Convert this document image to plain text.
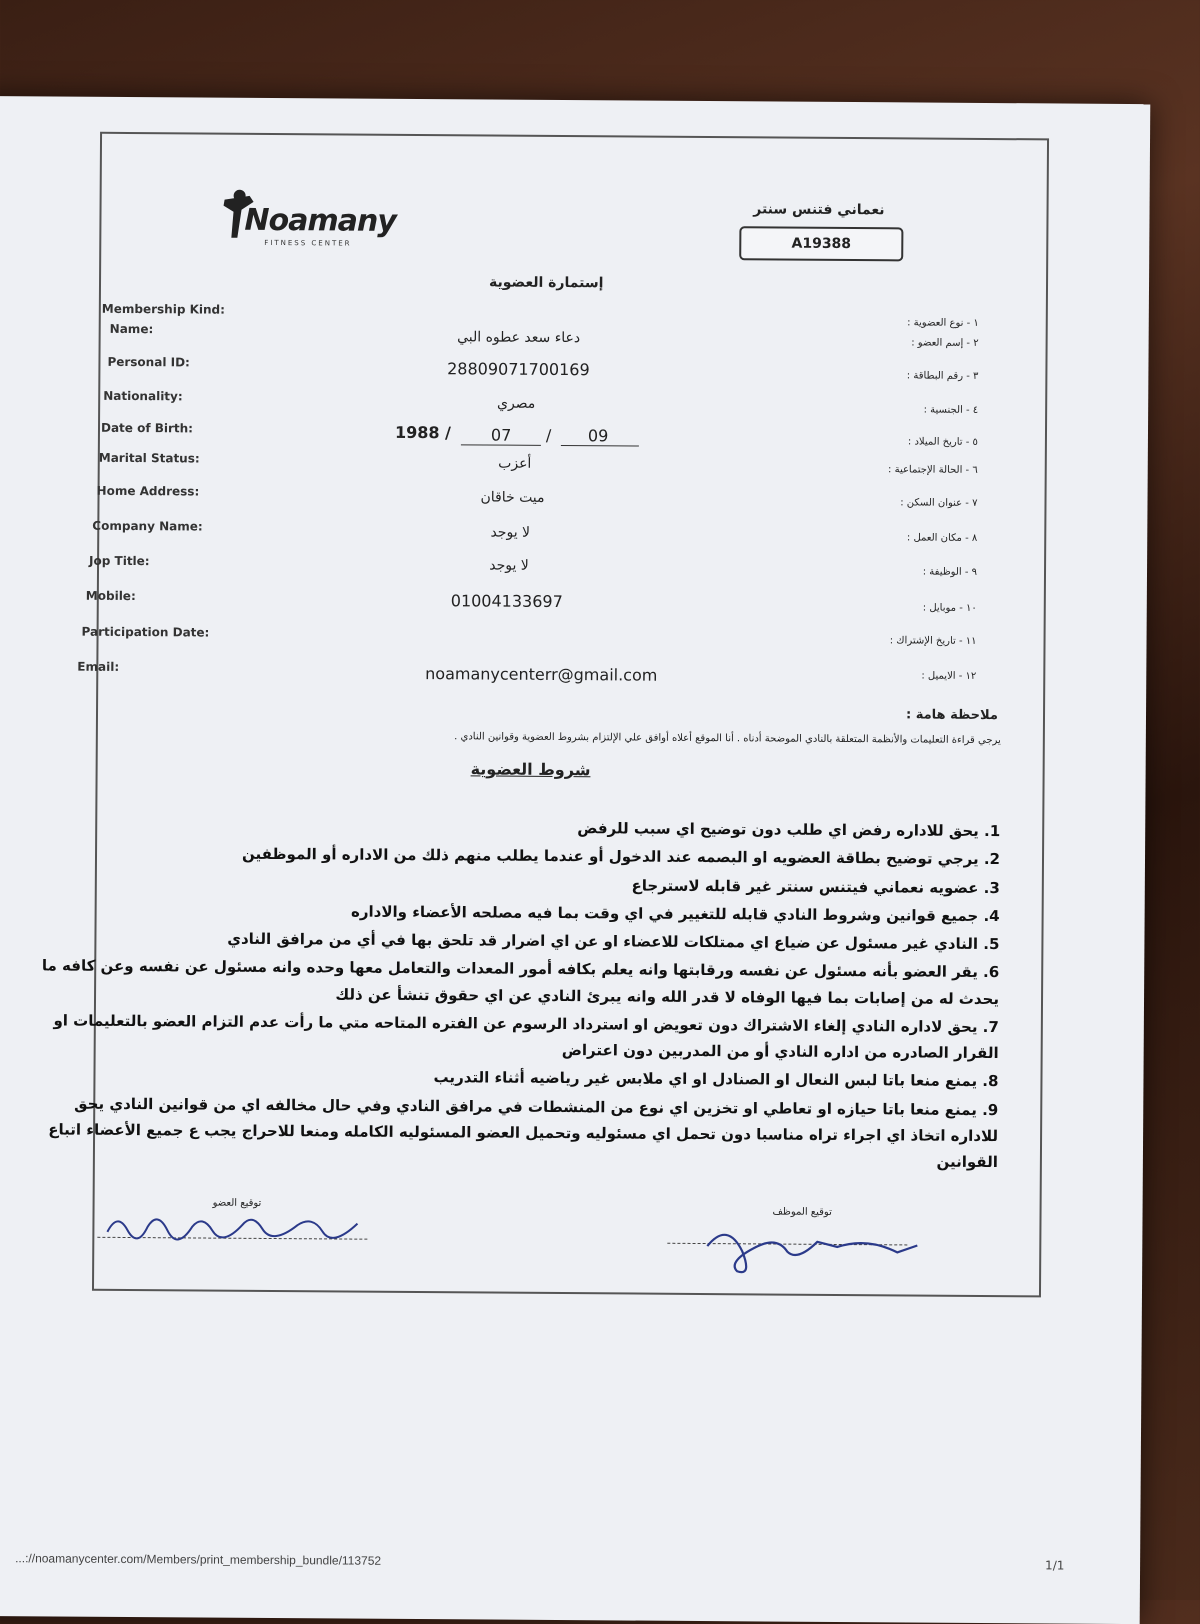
Noamany
FITNESS CENTER
نعماني فتنس سنتر
A19388
إستمارة العضوية
Membership Kind:
Name:
Personal ID:
Nationality:
Date of Birth:
Marital Status:
Home Address:
Company Name:
Jop Title:
Mobile:
Participation Date:
Email:
١ - نوع العضوية :
٢ - إسم العضو :
٣ - رقم البطاقة :
٤ - الجنسية :
٥ - تاريخ الميلاد :
٦ - الحالة الإجتماعية :
٧ - عنوان السكن :
٨ - مكان العمل :
٩ - الوظيفة :
١٠ - موبايل :
١١ - تاريخ الإشتراك :
١٢ - الايميل :
دعاء سعد عطوه البي
28809071700169
مصري
1988 / 07 / 09
أعزب
ميت خاقان
لا يوجد
لا يوجد
01004133697
noamanycenterr@gmail.com
ملاحظة هامة :
يرجي قراءة التعليمات والأنظمة المتعلقة بالنادي الموضحة أدناه . أنا الموقع أعلاه أوافق علي الإلتزام بشروط العضوية وقوانين النادي .
شروط العضوية
1. يحق للاداره رفض اي طلب دون توضيح اي سبب للرفض
2. يرجي توضيح بطاقة العضويه او البصمه عند الدخول أو عندما يطلب منهم ذلك من الاداره أو الموظفين
3. عضويه نعماني فيتنس سنتر غير قابله لاسترجاع
4. جميع قوانين وشروط النادي قابله للتغيير في اي وقت بما فيه مصلحه الأعضاء والاداره
5. النادي غير مسئول عن ضياع اي ممتلكات للاعضاء او عن اي اضرار قد تلحق بها في أي من مرافق النادي
6. يقر العضو بأنه مسئول عن نفسه ورقابتها وانه يعلم بكافه أمور المعدات والتعامل معها وحده وانه مسئول عن نفسه وعن كافه ما يحدث له من إصابات بما فيها الوفاه لا قدر الله وانه يبرئ النادي عن اي حقوق تنشأ عن ذلك
7. يحق لاداره النادي إلغاء الاشتراك دون تعويض او استرداد الرسوم عن الفتره المتاحه متي ما رأت عدم التزام العضو بالتعليمات او القرار الصادره من اداره النادي أو من المدربين دون اعتراض
8. يمنع منعا باتا لبس النعال او الصنادل او اي ملابس غير رياضيه أثناء التدريب
9. يمنع منعا باتا حيازه او تعاطي او تخزين اي نوع من المنشطات في مرافق النادي وفي حال مخالفه اي من قوانين النادي يحق للاداره اتخاذ اي اجراء تراه مناسبا دون تحمل اي مسئوليه وتحميل العضو المسئوليه الكامله ومنعا للاحراج يجب ع جميع الأعضاء اتباع القوانين
توقيع العضو
توقيع الموظف
...://noamanycenter.com/Members/print_membership_bundle/113752	1/1
